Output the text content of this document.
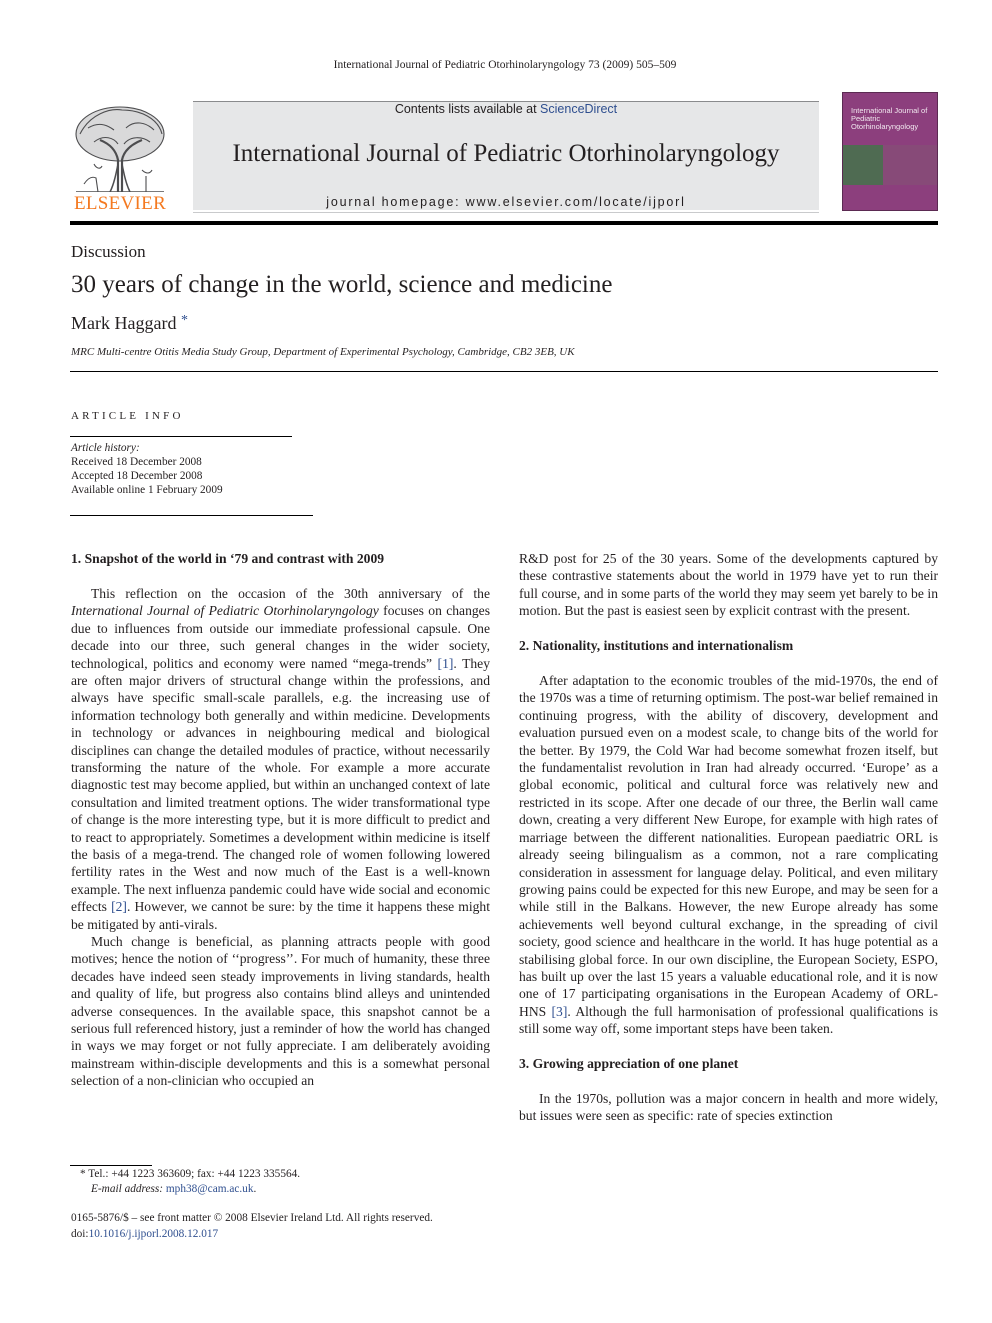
International Journal of Pediatric Otorhinolaryngology 73 (2009) 505–509
ELSEVIER
Contents lists available at ScienceDirect
International Journal of Pediatric Otorhinolaryngology
journal homepage: www.elsevier.com/locate/ijporl
International Journal of Pediatric Otorhinolaryngology
Discussion
30 years of change in the world, science and medicine
Mark Haggard *
MRC Multi-centre Otitis Media Study Group, Department of Experimental Psychology, Cambridge, CB2 3EB, UK
ARTICLE INFO
Article history:
Received 18 December 2008
Accepted 18 December 2008
Available online 1 February 2009
1. Snapshot of the world in ‘79 and contrast with 2009

This reflection on the occasion of the 30th anniversary of the International Journal of Pediatric Otorhinolaryngology focuses on changes due to influences from outside our immediate professional capsule. One decade into our three, such general changes in the wider society, technological, politics and economy were named “mega-trends” [1]. They are often major drivers of structural change within the professions, and always have specific small-scale parallels, e.g. the increasing use of information technology both generally and within medicine. Developments in technology or advances in neighbouring medical and biological disciplines can change the detailed modules of practice, without necessarily transforming the nature of the whole. For example a more accurate diagnostic test may become applied, but within an unchanged context of late consultation and limited treatment options. The wider transformational type of change is the more interesting type, but it is more difficult to predict and to react to appropriately. Sometimes a development within medicine is itself the basis of a mega-trend. The changed role of women following lowered fertility rates in the West and now much of the East is a well-known example. The next influenza pandemic could have wide social and economic effects [2]. However, we cannot be sure: by the time it happens these might be mitigated by anti-virals.

Much change is beneficial, as planning attracts people with good motives; hence the notion of ‘‘progress’’. For much of humanity, these three decades have indeed seen steady improvements in living standards, health and quality of life, but progress also contains blind alleys and unintended adverse consequences. In the available space, this snapshot cannot be a serious full referenced history, just a reminder of how the world has changed in ways we may forget or not fully appreciate. I am deliberately avoiding mainstream within-disciple developments and this is a somewhat personal selection of a non-clinician who occupied an

R&D post for 25 of the 30 years. Some of the developments captured by these contrastive statements about the world in 1979 have yet to run their full course, and in some parts of the world they may seem yet barely to be in motion. But the past is easiest seen by explicit contrast with the present.

2. Nationality, institutions and internationalism

After adaptation to the economic troubles of the mid-1970s, the end of the 1970s was a time of returning optimism. The post-war belief remained in continuing progress, with the ability of discovery, development and evaluation pursued even on a modest scale, to change bits of the world for the better. By 1979, the Cold War had become somewhat frozen itself, but the fundamentalist revolution in Iran had already occurred. ‘Europe’ as a global economic, political and cultural force was relatively new and restricted in its scope. After one decade of our three, the Berlin wall came down, creating a very different New Europe, for example with high rates of marriage between the different nationalities. European paediatric ORL is already seeing bilingualism as a common, not a rare complicating consideration in assessment for language delay. Political, and even military growing pains could be expected for this new Europe, and may be seen for a while still in the Balkans. However, the new Europe already has some achievements well beyond cultural exchange, in the spreading of civil society, good science and healthcare in the world. It has huge potential as a stabilising global force. In our own discipline, the European Society, ESPO, has built up over the last 15 years a valuable educational role, and it is now one of 17 participating organisations in the European Academy of ORL-HNS [3]. Although the full harmonisation of professional qualifications is still some way off, some important steps have been taken.

3. Growing appreciation of one planet

In the 1970s, pollution was a major concern in health and more widely, but issues were seen as specific: rate of species extinction

* Tel.: +44 1223 363609; fax: +44 1223 335564.
E-mail address: mph38@cam.ac.uk.
0165-5876/$ – see front matter © 2008 Elsevier Ireland Ltd. All rights reserved.
doi:10.1016/j.ijporl.2008.12.017
